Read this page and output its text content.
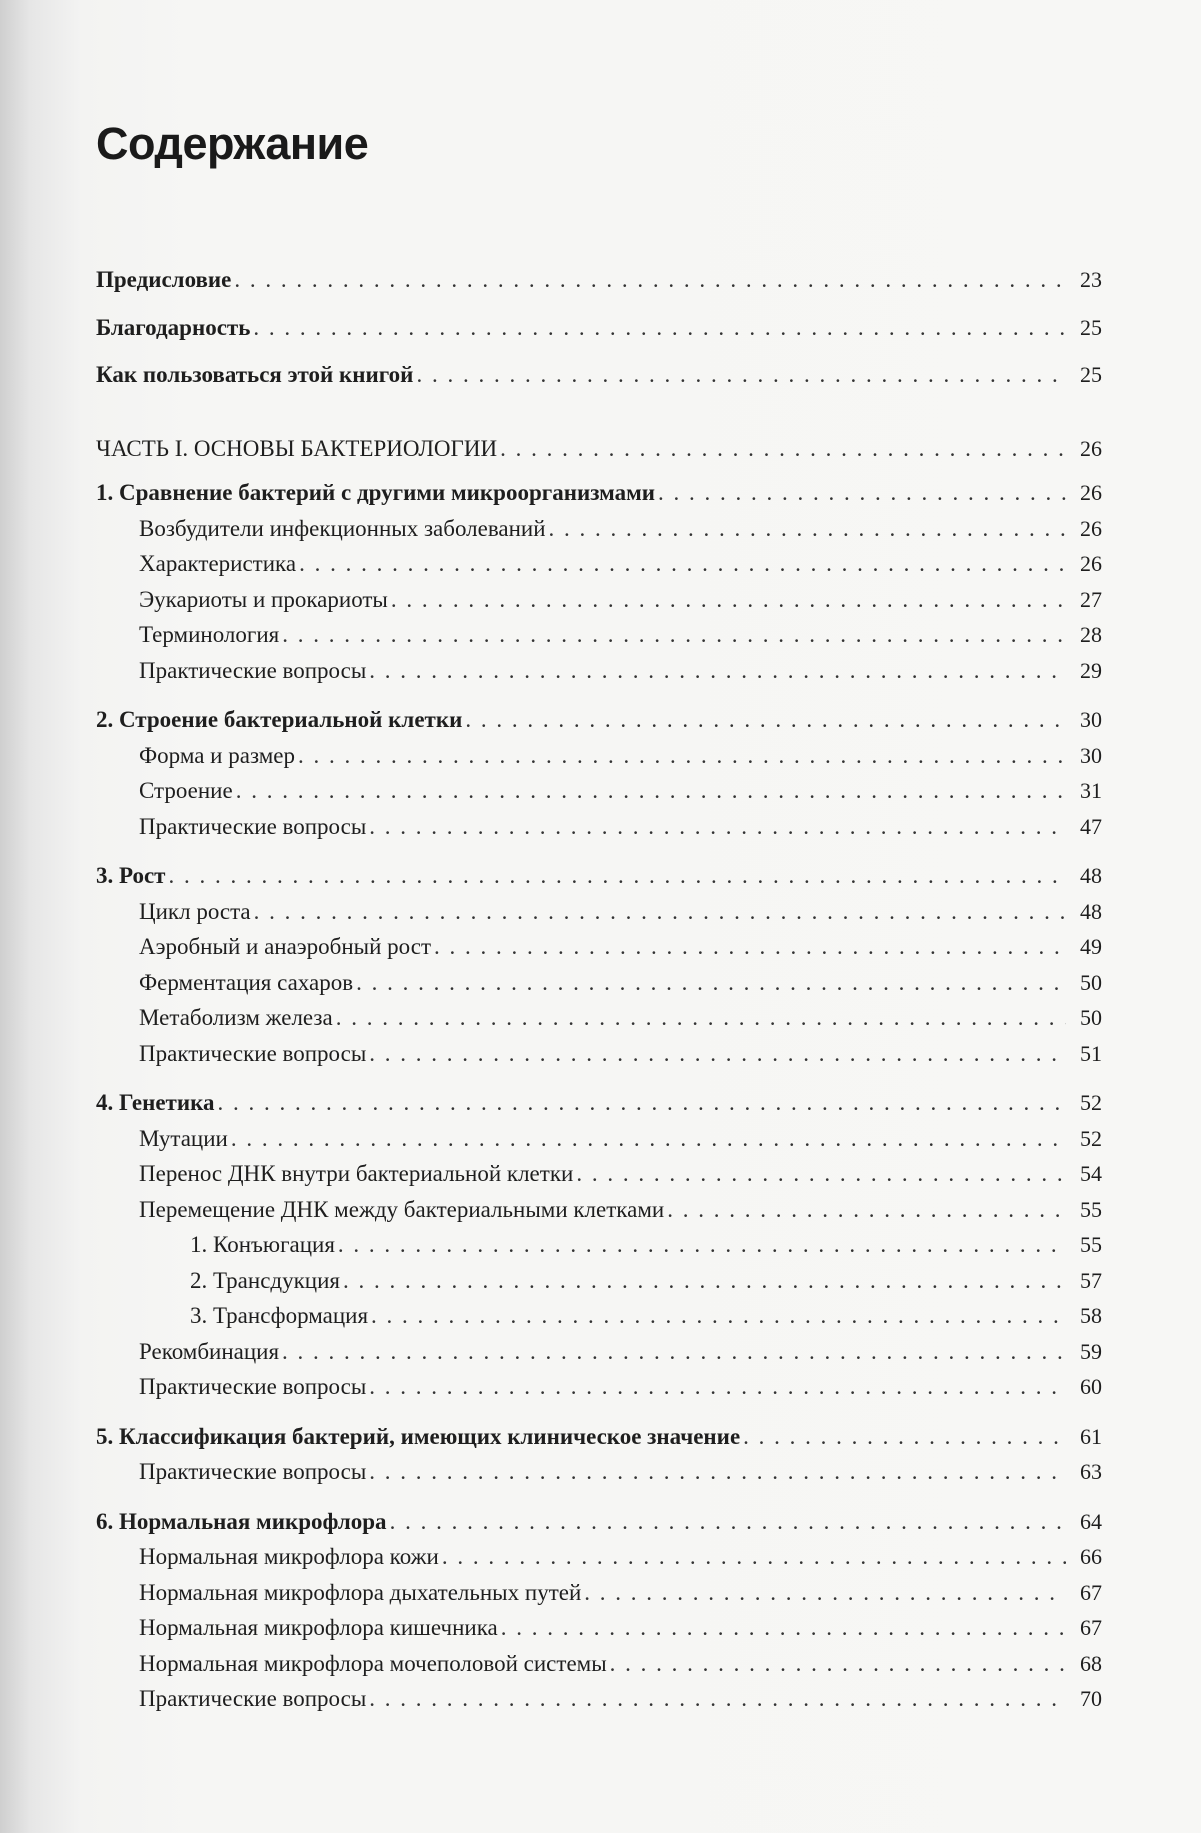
Содержание
Предисловие . . .	23
Благодарность . . .	25
Как пользоваться этой книгой . . .	25
ЧАСТЬ I. ОСНОВЫ БАКТЕРИОЛОГИИ . . .	26
1. Сравнение бактерий с другими микроорганизмами . . .	26
Возбудители инфекционных заболеваний . . .	26
Характеристика . . .	26
Эукариоты и прокариоты . . .	27
Терминология . . .	28
Практические вопросы . . .	29
2. Строение бактериальной клетки . . .	30
Форма и размер . . .	30
Строение . . .	31
Практические вопросы . . .	47
3. Рост . . .	48
Цикл роста . . .	48
Аэробный и анаэробный рост . . .	49
Ферментация сахаров . . .	50
Метаболизм железа . . .	50
Практические вопросы . . .	51
4. Генетика . . .	52
Мутации . . .	52
Перенос ДНК внутри бактериальной клетки . . .	54
Перемещение ДНК между бактериальными клетками . . .	55
1. Конъюгация . . .	55
2. Трансдукция . . .	57
3. Трансформация . . .	58
Рекомбинация . . .	59
Практические вопросы . . .	60
5. Классификация бактерий, имеющих клиническое значение . . .	61
Практические вопросы . . .	63
6. Нормальная микрофлора . . .	64
Нормальная микрофлора кожи . . .	66
Нормальная микрофлора дыхательных путей . . .	67
Нормальная микрофлора кишечника . . .	67
Нормальная микрофлора мочеполовой системы . . .	68
Практические вопросы . . .	70
